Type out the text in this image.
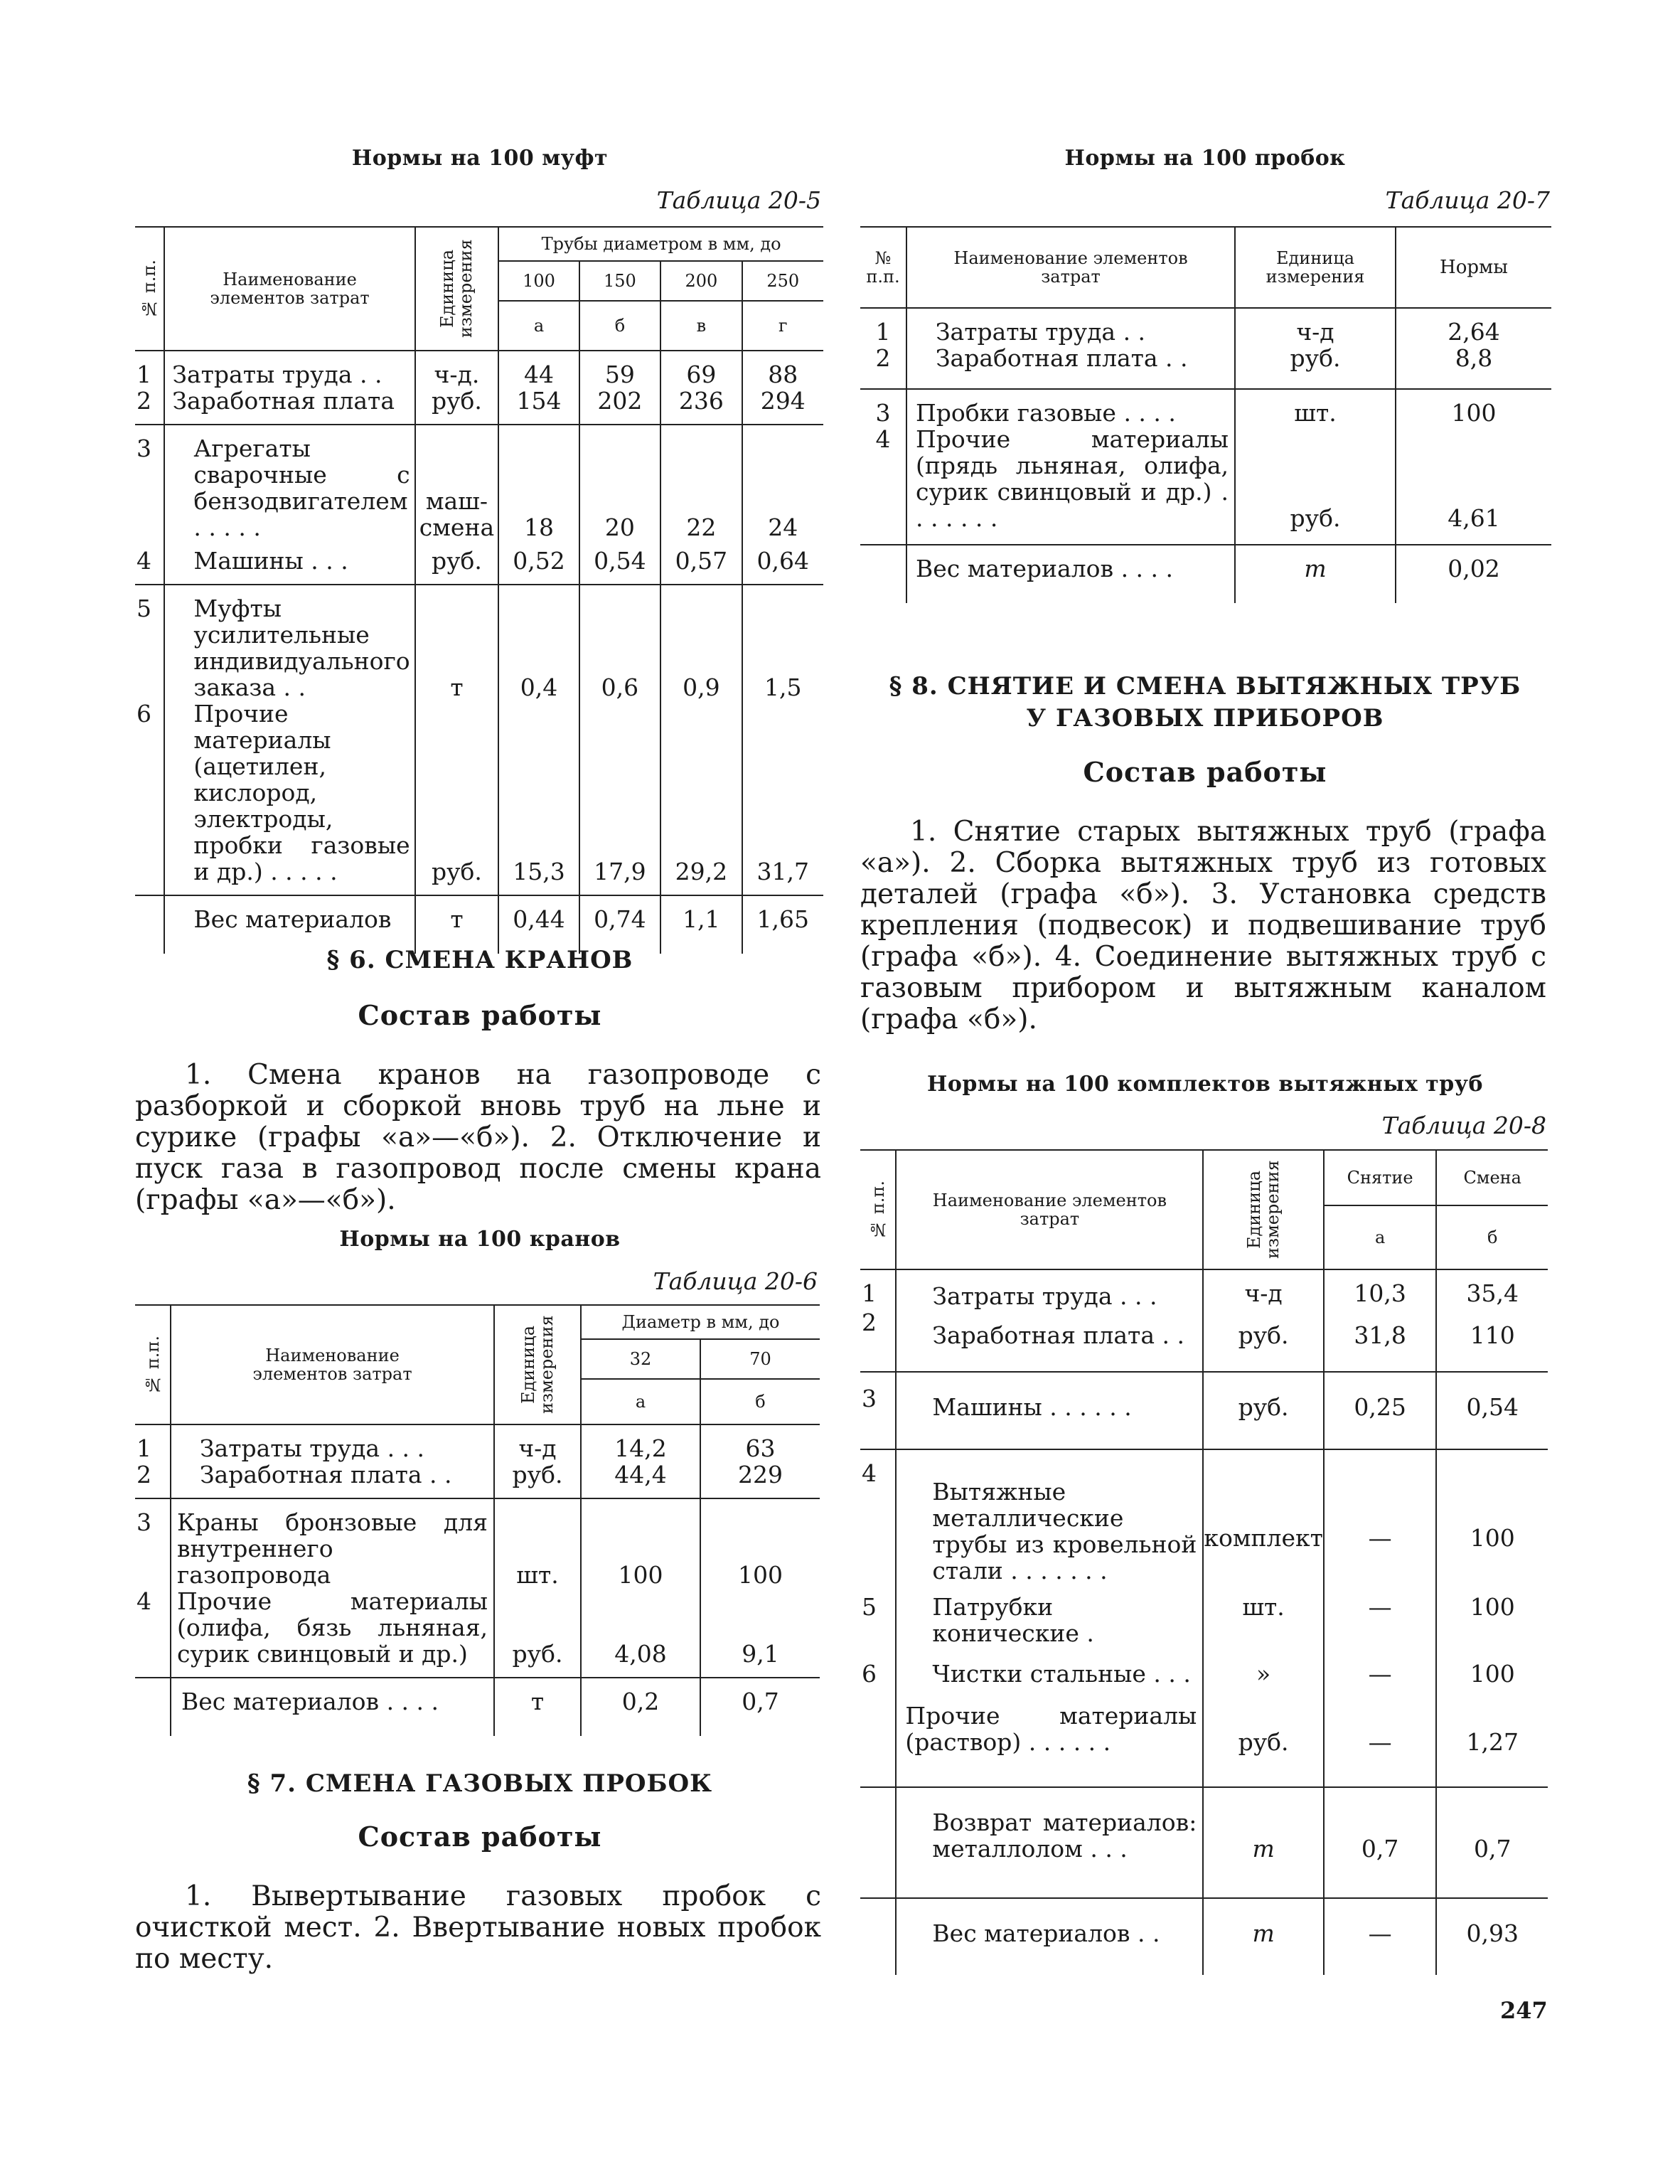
Нормы на 100 муфт
Таблица 20-5
№ п.п.	Наименование элементов затрат	Единица измерения	Трубы диаметром в мм, до			
			100	150	200	250
			а	б	в	г

1	Затраты труда . .	ч-д.	44	59	69	88
2	Заработная плата	руб.	154	202	236	294
3	Агрегаты сварочные с бензодвигателем . . . . .	маш-смена	18	20	22	24
4	Машины . . .	руб.	0,52	0,54	0,57	0,64
5	Муфты усилительные индивидуального заказа . .	т	0,4	0,6	0,9	1,5
6	Прочие материалы (ацетилен, кислород, электроды, пробки газовые и др.) . . . . .	руб.	15,3	17,9	29,2	31,7
	Вес материалов	т	0,44	0,74	1,1	1,65
§ 6. СМЕНА КРАНОВ
Состав работы

1. Смена кранов на газопроводе с разборкой и сборкой вновь труб на льне и сурике (графы «а»—«б»). 2. Отключение и пуск газа в газопровод после смены крана (графы «а»—«б»).

Нормы на 100 кранов
Таблица 20-6
№ п.п.	Наименование элементов затрат	Единица измерения	Диаметр в мм, до	
			32	70
			а	б

1	Затраты труда . . .	ч-д	14,2	63
2	Заработная плата . .	руб.	44,4	229
3	Краны бронзовые для внутреннего газопровода	шт.	100	100
4	Прочие материалы (олифа, бязь льняная, сурик свинцовый и др.)	руб.	4,08	9,1
	Вес материалов . . . .	т	0,2	0,7
§ 7. СМЕНА ГАЗОВЫХ ПРОБОК
Состав работы

1. Вывертывание газовых пробок с очисткой мест. 2. Ввертывание новых пробок по месту.

Нормы на 100 пробок
Таблица 20-7
№ п.п.	Наименование элементов затрат	Единица измерения	Нормы

1	Затраты труда . .	ч-д	2,64
2	Заработная плата . .	руб.	8,8
3	Пробки газовые . . . .	шт.	100
4	Прочие материалы (прядь льняная, олифа, сурик свинцовый и др.) . . . . . . .	руб.	4,61
	Вес материалов . . . .	т	0,02
§ 8. СНЯТИЕ И СМЕНА ВЫТЯЖНЫХ ТРУБ
У ГАЗОВЫХ ПРИБОРОВ
Состав работы

1. Снятие старых вытяжных труб (графа «а»). 2. Сборка вытяжных труб из готовых деталей (графа «б»). 3. Установка средств крепления (подвесок) и подвешивание труб (графа «б»). 4. Соединение вытяжных труб с газовым прибором и вытяжным каналом (графа «б»).

Нормы на 100 комплектов вытяжных труб
Таблица 20-8
№ п.п.	Наименование элементов затрат	Единица измерения	Снятие	Смена
			а	б

1	Затраты труда . . .	ч-д	10,3	35,4
2	Заработная плата . .	руб.	31,8	110
3	Машины . . . . . .	руб.	0,25	0,54
4	Вытяжные металлические трубы из кровельной стали . . . . . . .	комплект	—	100
5	Патрубки конические .	шт.	—	100
6	Чистки стальные . . .	»	—	100
	Прочие материалы (раствор) . . . . . .	руб.	—	1,27
	Возврат материалов: металлолом . . .	т	0,7	0,7
	Вес материалов . .	т	—	0,93
247
